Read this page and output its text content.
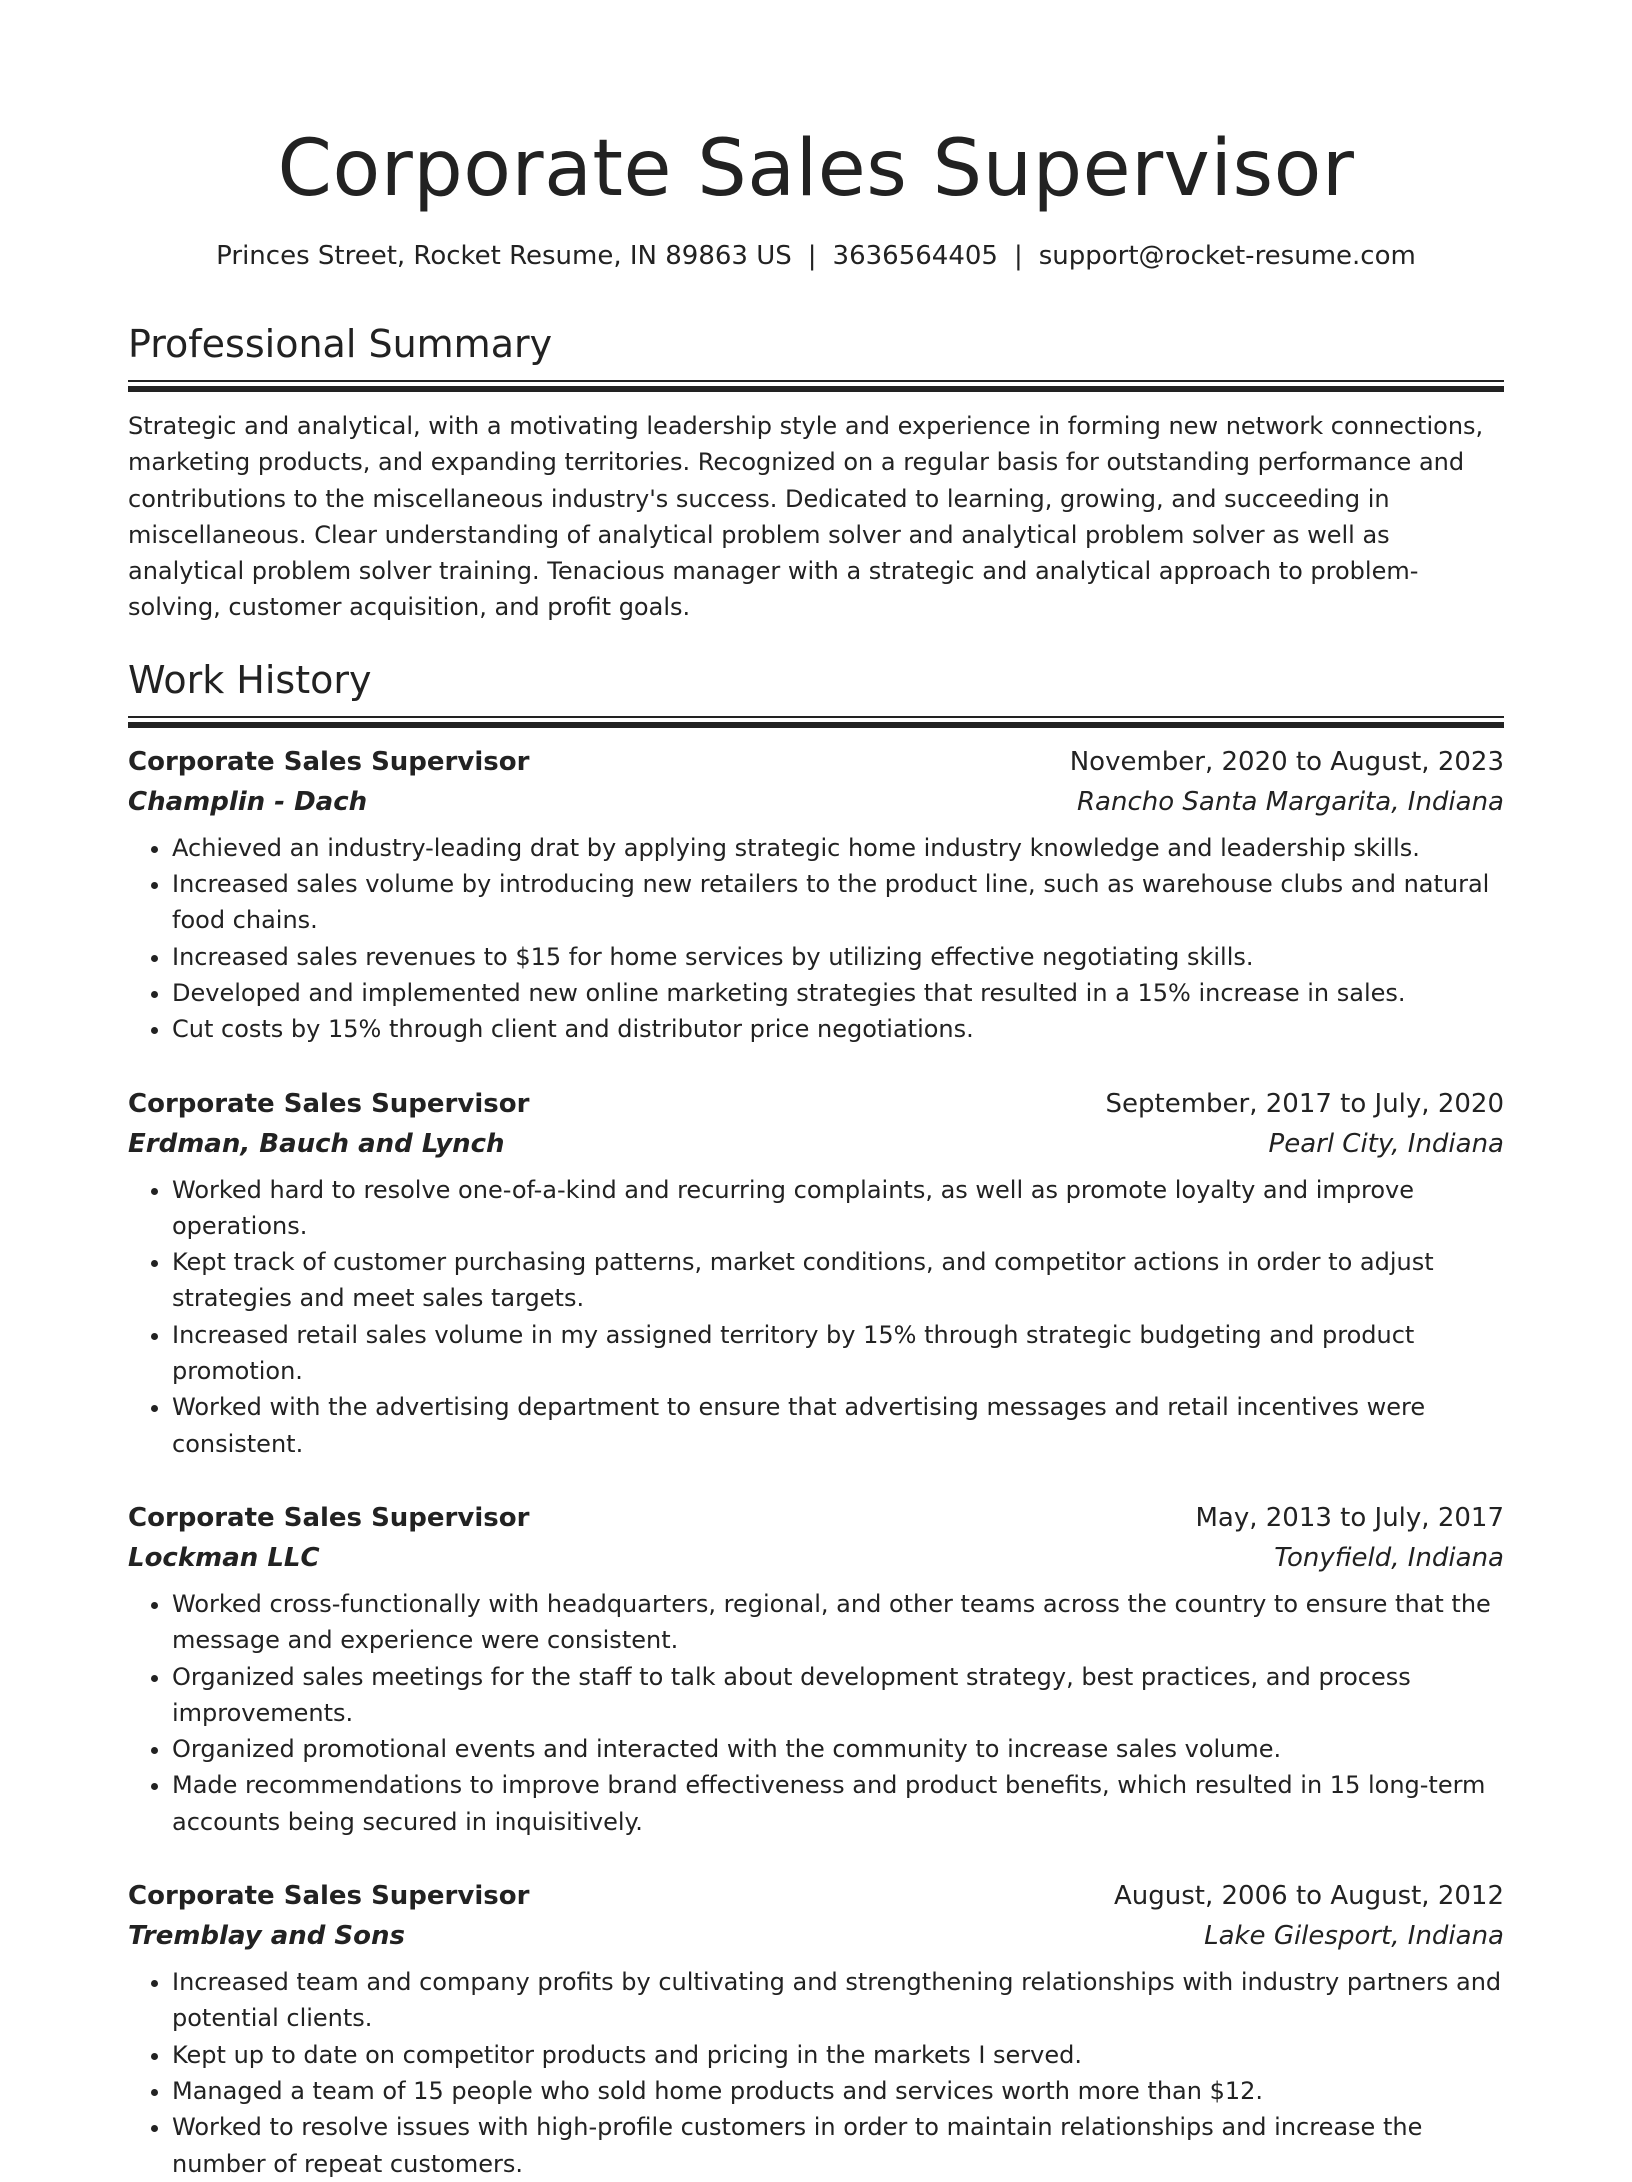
Corporate Sales Supervisor
Princes Street, Rocket Resume, IN 89863 US | 3636564405 | support@rocket-resume.com
Professional Summary

Strategic and analytical, with a motivating leadership style and experience in forming new network connections, marketing products, and expanding territories. Recognized on a regular basis for outstanding performance and contributions to the miscellaneous industry's success. Dedicated to learning, growing, and succeeding in miscellaneous. Clear understanding of analytical problem solver and analytical problem solver as well as analytical problem solver training. Tenacious manager with a strategic and analytical approach to problem-solving, customer acquisition, and profit goals.

Work History
Corporate Sales Supervisor	November, 2020 to August, 2023
Champlin - Dach	Rancho Santa Margarita, Indiana
• Achieved an industry-leading drat by applying strategic home industry knowledge and leadership skills.
• Increased sales volume by introducing new retailers to the product line, such as warehouse clubs and natural food chains.
• Increased sales revenues to $15 for home services by utilizing effective negotiating skills.
• Developed and implemented new online marketing strategies that resulted in a 15% increase in sales.
• Cut costs by 15% through client and distributor price negotiations.
Corporate Sales Supervisor	September, 2017 to July, 2020
Erdman, Bauch and Lynch	Pearl City, Indiana
• Worked hard to resolve one-of-a-kind and recurring complaints, as well as promote loyalty and improve operations.
• Kept track of customer purchasing patterns, market conditions, and competitor actions in order to adjust strategies and meet sales targets.
• Increased retail sales volume in my assigned territory by 15% through strategic budgeting and product promotion.
• Worked with the advertising department to ensure that advertising messages and retail incentives were consistent.
Corporate Sales Supervisor	May, 2013 to July, 2017
Lockman LLC	Tonyfield, Indiana
• Worked cross-functionally with headquarters, regional, and other teams across the country to ensure that the message and experience were consistent.
• Organized sales meetings for the staff to talk about development strategy, best practices, and process improvements.
• Organized promotional events and interacted with the community to increase sales volume.
• Made recommendations to improve brand effectiveness and product benefits, which resulted in 15 long-term accounts being secured in inquisitively.
Corporate Sales Supervisor	August, 2006 to August, 2012
Tremblay and Sons	Lake Gilesport, Indiana
• Increased team and company profits by cultivating and strengthening relationships with industry partners and potential clients.
• Kept up to date on competitor products and pricing in the markets I served.
• Managed a team of 15 people who sold home products and services worth more than $12.
• Worked to resolve issues with high-profile customers in order to maintain relationships and increase the number of repeat customers.
